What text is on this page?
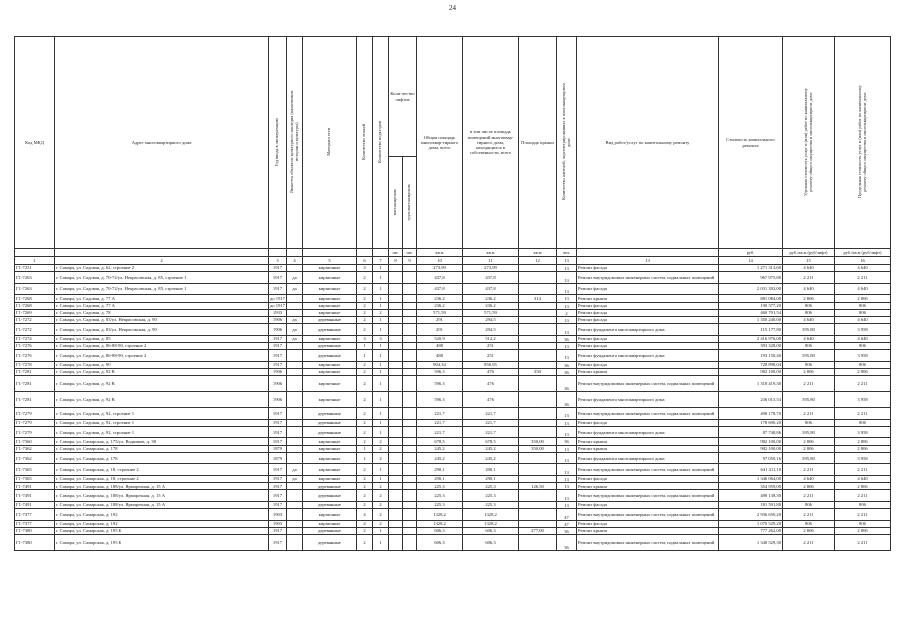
24
Код МКД	Адрес многоквартирного дома	Год ввода в эксплуатацию	Является объектом культурного наследия (памятником истории и культуры)	Материал стен	Количество этажей	Количество подъездов	Коли-чество лифтов		Общая площадь многоквар-тирного дома, всего	в том числе площадь помещений многоквар-тирного дома, находящихся в собственности, всего	Площадь крыши	Количество жителей, зарегистрированных в многоквартирном доме	Вид работ/услуг по капитальному ремонту	Стоимость капитального ремонта	Удельная стоимость услуг и (или) работ по капитальному ремонту общего имущества в многоквартирном доме	Предельная стоимость услуг и (или) работ по капитальному ремонту общего имущества в многоквартирном доме
							пассажирских	грузопассажирских								
							шт.	шт.	кв.м	кв.м	кв.м	чел.		руб.	руб./кв.м (руб/лифт)	руб./кв.м (руб/лифт)
1	2	3	4	5	6	7	8	9	10	11	12	13	13	14	15	16
Г1-7251	г. Самара, ул. Садовая, д. 62, строение 2	1917		кирпичные	3	1			273,99	273,99		13	Ремонт фасада	1 271 313,60	4 640	4 640
Г1-7263	г. Самара, ул. Садовая, д. 70-72/ул. Некрасовская, д. 85, строение 1	1917	да	кирпичные	2	1			437,8	437,8		13	Ремонт внутридомовых инженерных систем, подвальных помещений	967 975,80	2 211	2 211
Г1-7263	г. Самара, ул. Садовая, д. 70-72/ул. Некрасовская, д. 85, строение 1	1917	да	кирпичные	2	1			437,8	437,8		13	Ремонт фасада	2 031 392,00	4 640	4 640
Г1-7268	г. Самара, ул. Садовая, д. 77 А	до 1917		кирпичные	2	1			236,2	236,2	314	13	Ремонт крыши	881 084,00	2 806	2 806
Г1-7268	г. Самара, ул. Садовая, д. 77 А	до 1917		кирпичные	2	1			236,2	236,2		13	Ремонт фасада	190 377,20	806	806
Г1-7269	г. Самара, ул. Садовая, д. 78	1933		кирпичные	2	2			571,59	571,59		2	Ремонт фасада	460 701,54	806	806
Г1-7272	г. Самара, ул. Садовая, д. 83/ул. Некрасовская, д. 90	1906	да	деревянные	2	1			291	294,5		13	Ремонт фасада	1 350 240,00	4 640	4 640
Г1-7272	г. Самара, ул. Садовая, д. 83/ул. Некрасовская, д. 90	1906	да	деревянные	2	1			291	294,5		13	Ремонт фундамента многоквартирного дома	115 177,80	395,80	3 958
Г1-7274	г. Самара, ул. Садовая, д. 85	1917	да	кирпичные	3	3			520,9	512,2		36	Ремонт фасада	2 416 976,00	4 640	4 640
Г1-7276	г. Самара, ул. Садовая, д. 86-88-90, строение 2	1917		деревянные	1	1			488	251		13	Ремонт фасада	393 328,00	806	806
Г1-7276	г. Самара, ул. Садовая, д. 86-88-90, строение 2	1917		деревянные	1	1			488	251		13	Ремонт фундамента многоквартирного дома	193 150,40	395,80	3 958
Г1-7278	г. Самара, ул. Садовая, д. 90	1917		кирпичные	2	1			904,34	850,95		36	Ремонт фасада	728 898,04	806	806
Г1-7281	г. Самара, ул. Садовая, д. 92 В	1906		кирпичные	2	1			596,3	476	350	36	Ремонт крыши	982 100,00	2 806	2 806
Г1-7281	г. Самара, ул. Садовая, д. 92 В	1906		кирпичные	2	1			596,3	476		36	Ремонт внутридомовых инженерных систем, подвальных помещений	1 318 419,30	2 211	2 211
Г1-7281	г. Самара, ул. Садовая, д. 92 В	1906		кирпичные	2	1			596,3	476		36	Ремонт фундамента многоквартирного дома	236 015,54	395,80	3 958
Г1-7279	г. Самара, ул. Садовая, д. 92, строение 1	1917		деревянные	2	1			221,7	221,7		13	Ремонт внутридомовых инженерных систем, подвальных помещений	490 178,70	2 211	2 211
Г1-7279	г. Самара, ул. Садовая, д. 92, строение 1	1917		деревянные	2	1			221,7	221,7		13	Ремонт фасада	178 690,20	806	806
Г1-7279	г. Самара, ул. Садовая, д. 92, строение 1	1917		деревянные	2	1			221,7	221,7		13	Ремонт фундамента многоквартирного дома	87 748,86	395,80	3 958
Г1-7360	г. Самара, ул. Самарская, д. 175/ул. Водников, д. 38	1917		кирпичные	2	2			678,5	678,5	350,00	36	Ремонт крыши	982 100,00	2 806	2 806
Г1-7362	г. Самара, ул. Самарская, д. 178	1879		кирпичные	1	2			245,2	245,2	350,00	13	Ремонт крыши	982 100,00	2 806	2 806
Г1-7362	г. Самара, ул. Самарская, д. 178	1879		кирпичные	1	2			245,2	245,2		13	Ремонт фундамента многоквартирного дома	97 050,16	395,80	3 958
Г1-7365	г. Самара, ул. Самарская, д. 18, строение 2	1917	да	кирпичные	2	1			290,1	290,1		13	Ремонт внутридомовых инженерных систем, подвальных помещений	641 411,10	2 211	2 211
Г1-7365	г. Самара, ул. Самарская, д. 18, строение 2	1917	да	кирпичные	2	1			290,1	290,1		13	Ремонт фасада	1 346 064,00	4 640	4 640
Г1-7491	г. Самара, ул. Самарская, д. 188/ул. Ярмарочная, д. 15 А	1917		деревянные	2	2			225,3	225,3	126,50	13	Ремонт крыши	354 959,00	2 806	2 806
Г1-7491	г. Самара, ул. Самарская, д. 188/ул. Ярмарочная, д. 15 А	1917		деревянные	2	2			225,3	225,3		13	Ремонт внутридомовых инженерных систем, подвальных помещений	498 138,30	2 211	2 211
Г1-7491	г. Самара, ул. Самарская, д. 188/ул. Ярмарочная, д. 15 А	1917		деревянные	2	2			225,3	225,3		13	Ремонт фасада	181 591,80	806	806
Г1-7377	г. Самара, ул. Самарская, д. 192	1903		кирпичные	4	2			1328,2	1328,2		47	Ремонт внутридомовых инженерных систем, подвальных помещений	2 936 650,20	2 211	2 211
Г1-7377	г. Самара, ул. Самарская, д. 192	1903		кирпичные	4	2			1328,2	1328,2		47	Ремонт фасада	1 070 529,20	806	806
Г1-7380	г. Самара, ул. Самарская, д. 195 Б	1917		деревянные	2	1			606,3	606,3	277,00	36	Ремонт крыши	777 262,00	2 806	2 806
Г1-7380	г. Самара, ул. Самарская, д. 195 Б	1917		деревянные	2	1			606,3	606,3		36	Ремонт внутридомовых инженерных систем, подвальных помещений	1 340 529,30	2 211	2 211
